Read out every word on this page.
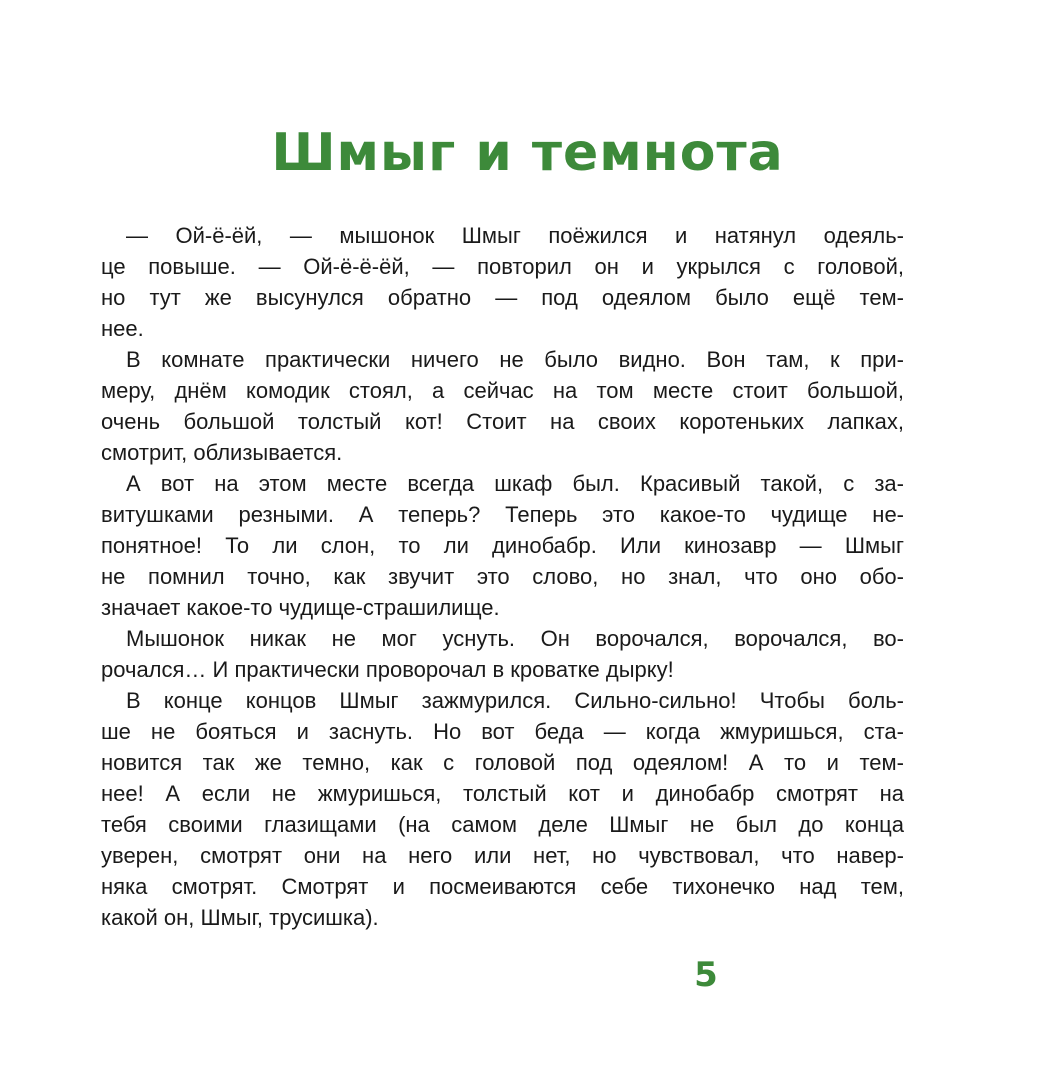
Шмыг и темнота
— Ой-ё-ёй, — мышонок Шмыг поёжился и натянул одеяль-
це повыше. — Ой-ё-ё-ёй, — повторил он и укрылся с головой,
но тут же высунулся обратно — под одеялом было ещё тем-
нее.
В комнате практически ничего не было видно. Вон там, к при-
меру, днём комодик стоял, а сейчас на том месте стоит большой,
очень большой толстый кот! Стоит на своих коротеньких лапках,
смотрит, облизывается.
А вот на этом месте всегда шкаф был. Красивый такой, с за-
витушками резными. А теперь? Теперь это какое-то чудище не-
понятное! То ли слон, то ли динобабр. Или кинозавр — Шмыг
не помнил точно, как звучит это слово, но знал, что оно обо-
значает какое-то чудище-страшилище.
Мышонок никак не мог уснуть. Он ворочался, ворочался, во-
рочался… И практически проворочал в кроватке дырку!
В конце концов Шмыг зажмурился. Сильно-сильно! Чтобы боль-
ше не бояться и заснуть. Но вот беда — когда жмуришься, ста-
новится так же темно, как с головой под одеялом! А то и тем-
нее! А если не жмуришься, толстый кот и динобабр смотрят на
тебя своими глазищами (на самом деле Шмыг не был до конца
уверен, смотрят они на него или нет, но чувствовал, что навер-
няка смотрят. Смотрят и посмеиваются себе тихонечко над тем,
какой он, Шмыг, трусишка).
5
